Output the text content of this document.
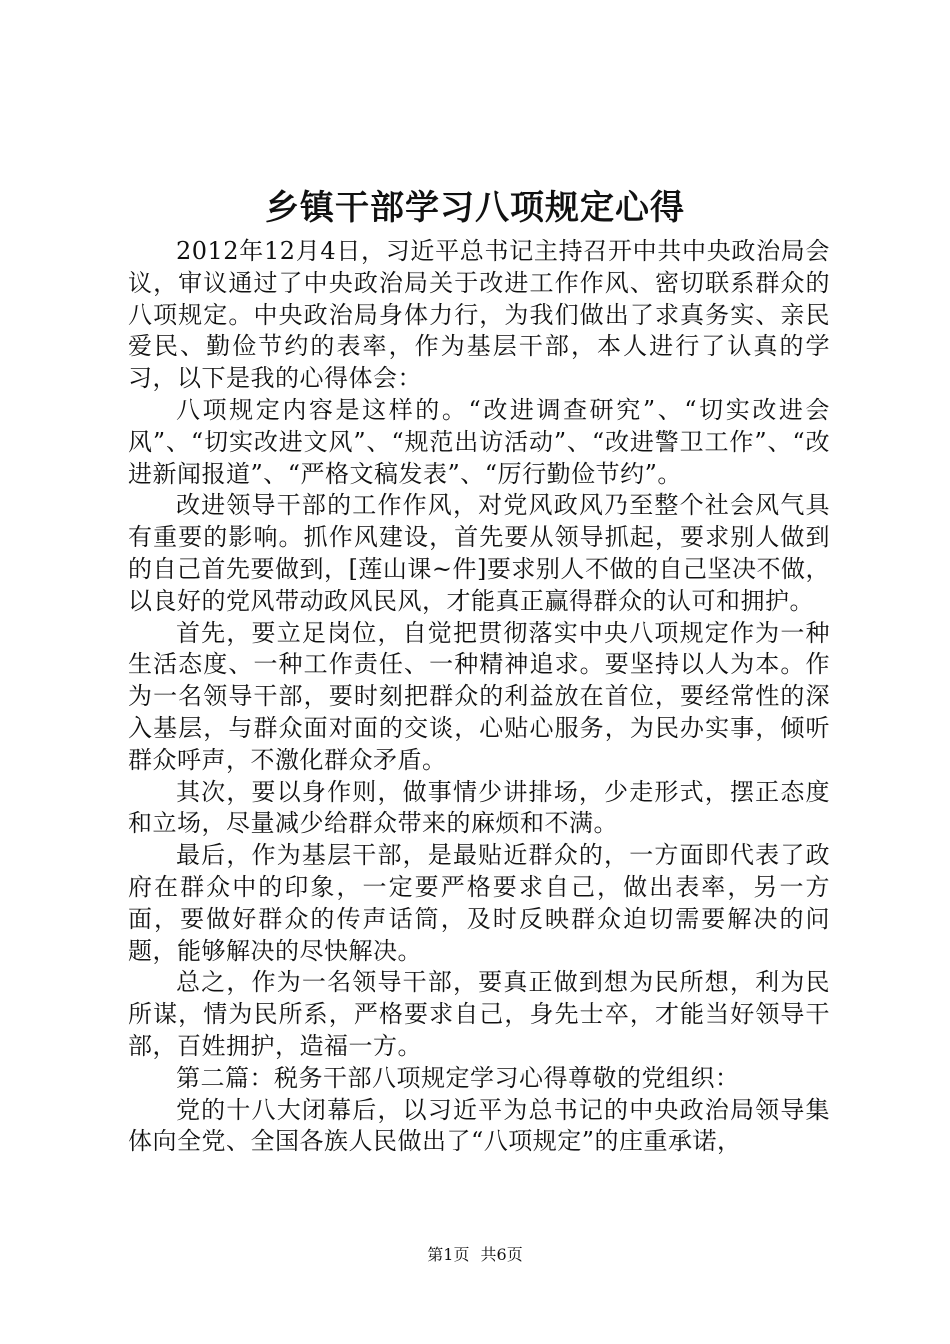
乡镇干部学习八项规定心得

2012年12月4日，习近平总书记主持召开中共中央政治局会议，审议通过了中央政治局关于改进工作作风、密切联系群众的八项规定。中央政治局身体力行，为我们做出了求真务实、亲民爱民、勤俭节约的表率，作为基层干部，本人进行了认真的学习，以下是我的心得体会：

八项规定内容是这样的。“改进调查研究”、“切实改进会风”、“切实改进文风”、“规范出访活动”、“改进警卫工作”、“改进新闻报道”、“严格文稿发表”、“厉行勤俭节约”。

改进领导干部的工作作风，对党风政风乃至整个社会风气具有重要的影响。抓作风建设，首先要从领导抓起，要求别人做到的自己首先要做到，[莲山课~件]要求别人不做的自己坚决不做，以良好的党风带动政风民风，才能真正赢得群众的认可和拥护。

首先，要立足岗位，自觉把贯彻落实中央八项规定作为一种生活态度、一种工作责任、一种精神追求。要坚持以人为本。作为一名领导干部，要时刻把群众的利益放在首位，要经常性的深入基层，与群众面对面的交谈，心贴心服务，为民办实事，倾听群众呼声，不激化群众矛盾。

其次，要以身作则，做事情少讲排场，少走形式，摆正态度和立场，尽量减少给群众带来的麻烦和不满。

最后，作为基层干部，是最贴近群众的，一方面即代表了政府在群众中的印象，一定要严格要求自己，做出表率，另一方面，要做好群众的传声话筒，及时反映群众迫切需要解决的问题，能够解决的尽快解决。

总之，作为一名领导干部，要真正做到想为民所想，利为民所谋，情为民所系，严格要求自己，身先士卒，才能当好领导干部，百姓拥护，造福一方。

第二篇：税务干部八项规定学习心得尊敬的党组织：

党的十八大闭幕后，以习近平为总书记的中央政治局领导集体向全党、全国各族人民做出了“八项规定”的庄重承诺，

第1页 共6页
